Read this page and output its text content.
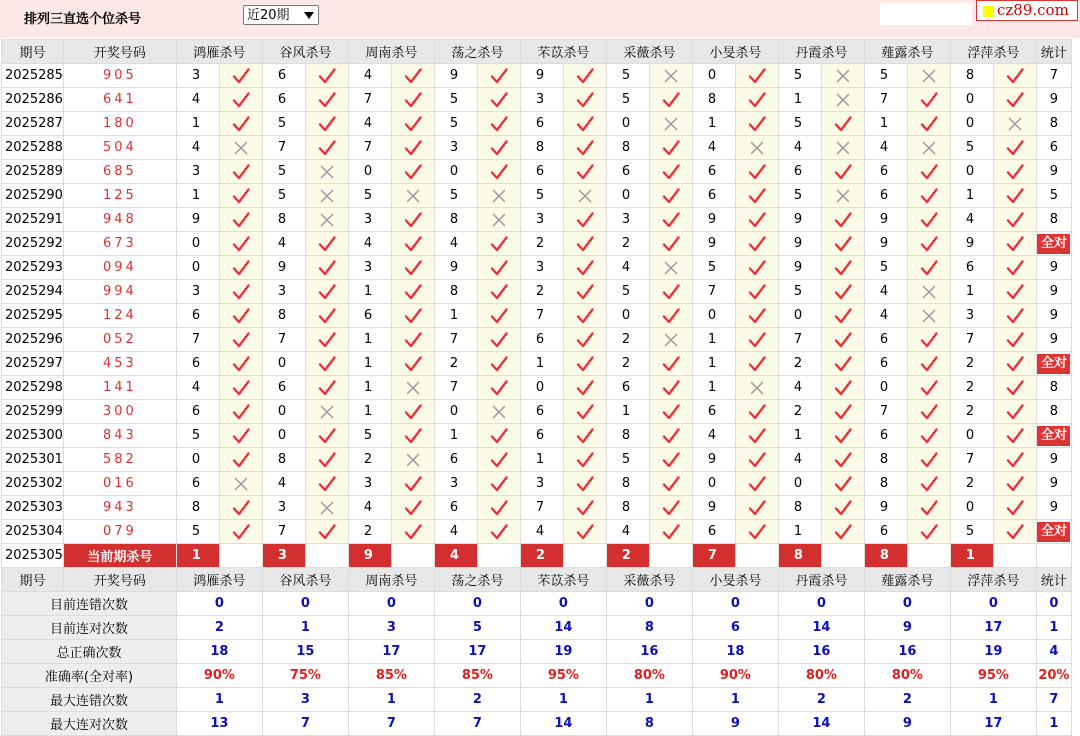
排列三直选个位杀号	近20期	cz89.com
期号	开奖号码	鸿雁杀号		谷风杀号		周南杀号		荡之杀号		芣苡杀号		采薇杀号		小旻杀号		丹霞杀号		薤露杀号		浮萍杀号		统计
2025285	905	3		6		4		9		9		5		0		5		5		8		7
2025286	641	4		6		7		5		3		5		8		1		7		0		9
2025287	180	1		5		4		5		6		0		1		5		1		0		8
2025288	504	4		7		7		3		8		8		4		4		4		5		6
2025289	685	3		5		0		0		6		6		6		6		6		0		9
2025290	125	1		5		5		5		5		0		6		5		6		1		5
2025291	948	9		8		3		8		3		3		9		9		9		4		8
2025292	673	0		4		4		4		2		2		9		9		9		9		全对
2025293	094	0		9		3		9		3		4		5		9		5		6		9
2025294	994	3		3		1		8		2		5		7		5		4		1		9
2025295	124	6		8		6		1		7		0		0		0		4		3		9
2025296	052	7		7		1		7		6		2		1		7		6		7		9
2025297	453	6		0		1		2		1		2		1		2		6		2		全对
2025298	141	4		6		1		7		0		6		1		4		0		2		8
2025299	300	6		0		1		0		6		1		6		2		7		2		8
2025300	843	5		0		5		1		6		8		4		1		6		0		全对
2025301	582	0		8		2		6		1		5		9		4		8		7		9
2025302	016	6		4		3		3		3		8		0		0		8		2		9
2025303	943	8		3		4		6		7		8		9		8		9		0		9
2025304	079	5		7		2		4		4		4		6		1		6		5		全对
2025305	当前期杀号	1		3		9		4		2		2		7		8		8		1		
期号	开奖号码	鸿雁杀号		谷风杀号		周南杀号		荡之杀号		芣苡杀号		采薇杀号		小旻杀号		丹霞杀号		薤露杀号		浮萍杀号		统计
目前连错次数		0		0		0		0		0		0		0		0		0		0		0
目前连对次数		2		1		3		5		14		8		6		14		9		17		1
总正确次数		18		15		17		17		19		16		18		16		16		19		4
准确率(全对率)		90%		75%		85%		85%		95%		80%		90%		80%		80%		95%		20%
最大连错次数		1		3		1		2		1		1		1		2		2		1		7
最大连对次数		13		7		7		7		14		8		9		14		9		17		1
